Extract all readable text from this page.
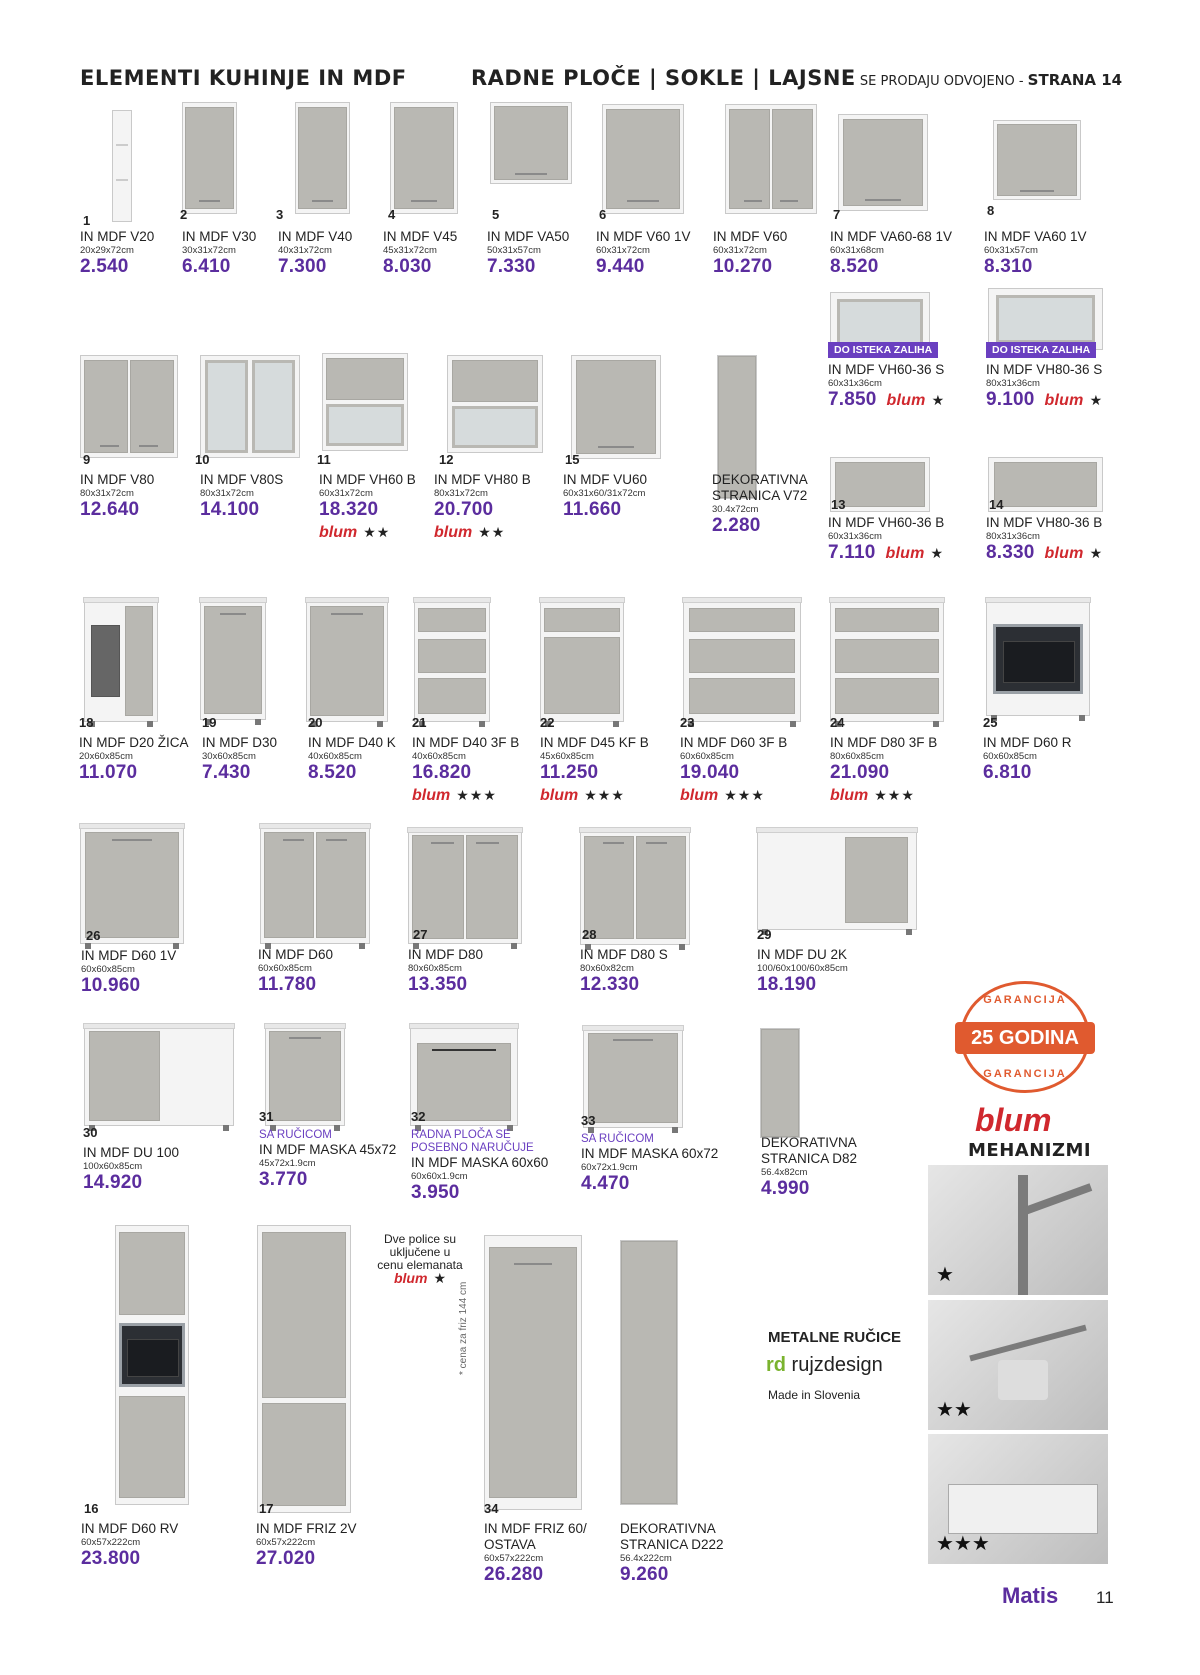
ELEMENTI KUHINJE IN MDF	RADNE PLOČE | SOKLE | LAJSNE SE PRODAJU ODVOJENO - STRANA 14
1
IN MDF V20
20x29x72cm
2.540
2
IN MDF V30
30x31x72cm
6.410
3
IN MDF V40
40x31x72cm
7.300
4
IN MDF V45
45x31x72cm
8.030
5
IN MDF VA50
50x31x57cm
7.330
6
IN MDF V60 1V
60x31x72cm
9.440
IN MDF V60
60x31x72cm
10.270
7
IN MDF VA60-68 1V
60x31x68cm
8.520
8
IN MDF VA60 1V
60x31x57cm
8.310
9
IN MDF V80
80x31x72cm
12.640
10
IN MDF V80S
80x31x72cm
14.100
11
IN MDF VH60 B
60x31x72cm
18.320
blum ★★
12
IN MDF VH80 B
80x31x72cm
20.700
blum ★★
15
IN MDF VU60
60x31x60/31x72cm
11.660
DEKORATIVNA
STRANICA V72
30.4x72cm
2.280
DO ISTEKA ZALIHA
IN MDF VH60-36 S
60x31x36cm
7.850 blum ★
DO ISTEKA ZALIHA
IN MDF VH80-36 S
80x31x36cm
9.100 blum ★
13
IN MDF VH60-36 B
60x31x36cm
7.110 blum ★
14
IN MDF VH80-36 B
80x31x36cm
8.330 blum ★
18
IN MDF D20 ŽICA
20x60x85cm
11.070
19
IN MDF D30
30x60x85cm
7.430
20
IN MDF D40 K
40x60x85cm
8.520
21
IN MDF D40 3F B
40x60x85cm
16.820
blum ★★★
22
IN MDF D45 KF B
45x60x85cm
11.250
blum ★★★
23
IN MDF D60 3F B
60x60x85cm
19.040
blum ★★★
24
IN MDF D80 3F B
80x60x85cm
21.090
blum ★★★
25
IN MDF D60 R
60x60x85cm
6.810
26
IN MDF D60 1V
60x60x85cm
10.960
IN MDF D60
60x60x85cm
11.780
27
IN MDF D80
80x60x85cm
13.350
28
IN MDF D80 S
80x60x82cm
12.330
29
IN MDF DU 2K
100/60x100/60x85cm
18.190
30
IN MDF DU 100
100x60x85cm
14.920
31
SA RUČICOM
IN MDF MASKA 45x72
45x72x1.9cm
3.770
32
RADNA PLOČA SE
POSEBNO NARUČUJE
IN MDF MASKA 60x60
60x60x1.9cm
3.950
33
SA RUČICOM
IN MDF MASKA 60x72
60x72x1.9cm
4.470
DEKORATIVNA
STRANICA D82
56.4x82cm
4.990
16
IN MDF D60 RV
60x57x222cm
23.800
17
IN MDF FRIZ 2V
60x57x222cm
27.020
34
IN MDF FRIZ 60/
OSTAVA
60x57x222cm
26.280
DEKORATIVNA
STRANICA D222
56.4x222cm
9.260
Dve police su
uključene u
cenu elemanata
blum ★
* cena za friz 144 cm
GARANCIJA
25 GODINA
GARANCIJA
blum
MEHANIZMI
★
★★
★★★
METALNE RUČICE
rd rujzdesign
Made in Slovenia
Matis 11
